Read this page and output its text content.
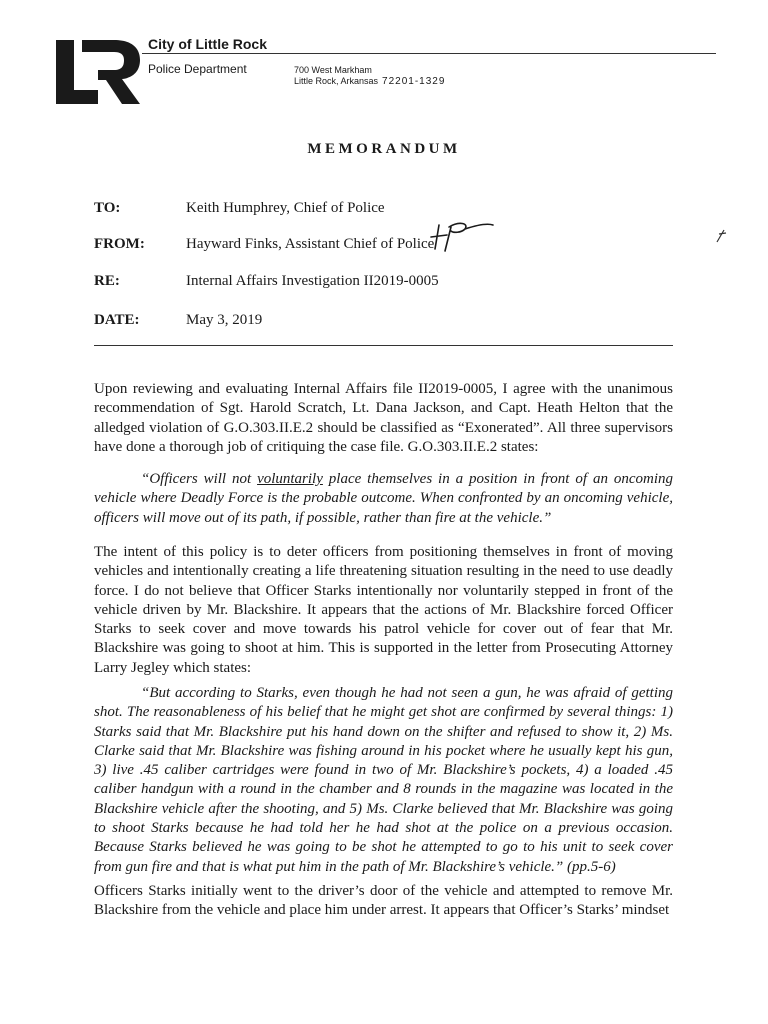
City of Little Rock
Police Department	700 West Markham
Little Rock, Arkansas 72201-1329
MEMORANDUM
TO:	Keith Humphrey, Chief of Police
FROM:	Hayward Finks, Assistant Chief of Police
RE:	Internal Affairs Investigation II2019-0005
DATE:	May 3, 2019

Upon reviewing and evaluating Internal Affairs file II2019-0005, I agree with the unanimous recommendation of Sgt. Harold Scratch, Lt. Dana Jackson, and Capt. Heath Helton that the alledged violation of G.O.303.II.E.2 should be classified as “Exonerated”. All three supervisors have done a thorough job of critiquing the case file. G.O.303.II.E.2 states:

“Officers will not voluntarily place themselves in a position in front of an oncoming vehicle where Deadly Force is the probable outcome. When confronted by an oncoming vehicle, officers will move out of its path, if possible, rather than fire at the vehicle.”

The intent of this policy is to deter officers from positioning themselves in front of moving vehicles and intentionally creating a life threatening situation resulting in the need to use deadly force. I do not believe that Officer Starks intentionally nor voluntarily stepped in front of the vehicle driven by Mr. Blackshire. It appears that the actions of Mr. Blackshire forced Officer Starks to seek cover and move towards his patrol vehicle for cover out of fear that Mr. Blackshire was going to shoot at him. This is supported in the letter from Prosecuting Attorney Larry Jegley which states:

“But according to Starks, even though he had not seen a gun, he was afraid of getting shot. The reasonableness of his belief that he might get shot are confirmed by several things: 1) Starks said that Mr. Blackshire put his hand down on the shifter and refused to show it, 2) Ms. Clarke said that Mr. Blackshire was fishing around in his pocket where he usually kept his gun, 3) live .45 caliber cartridges were found in two of Mr. Blackshire’s pockets, 4) a loaded .45 caliber handgun with a round in the chamber and 8 rounds in the magazine was located in the Blackshire vehicle after the shooting, and 5) Ms. Clarke believed that Mr. Blackshire was going to shoot Starks because he had told her he had shot at the police on a previous occasion. Because Starks believed he was going to be shot he attempted to go to his unit to seek cover from gun fire and that is what put him in the path of Mr. Blackshire’s vehicle.” (pp.5-6)

Officers Starks initially went to the driver’s door of the vehicle and attempted to remove Mr. Blackshire from the vehicle and place him under arrest. It appears that Officer’s Starks’ mindset
